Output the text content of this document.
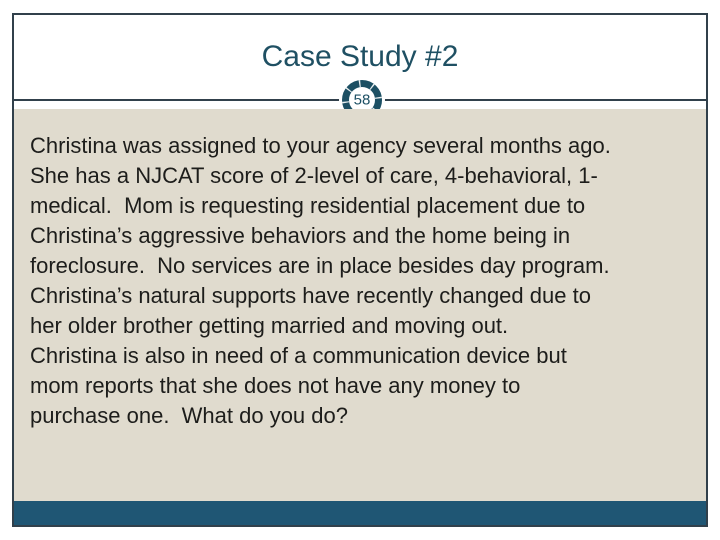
Case Study #2
58
Christina was assigned to your agency several months ago.
She has a NJCAT score of 2-level of care, 4-behavioral, 1-
medical.  Mom is requesting residential placement due to
Christina’s aggressive behaviors and the home being in
foreclosure.  No services are in place besides day program.
Christina’s natural supports have recently changed due to
her older brother getting married and moving out.
Christina is also in need of a communication device but
mom reports that she does not have any money to
purchase one.  What do you do?
